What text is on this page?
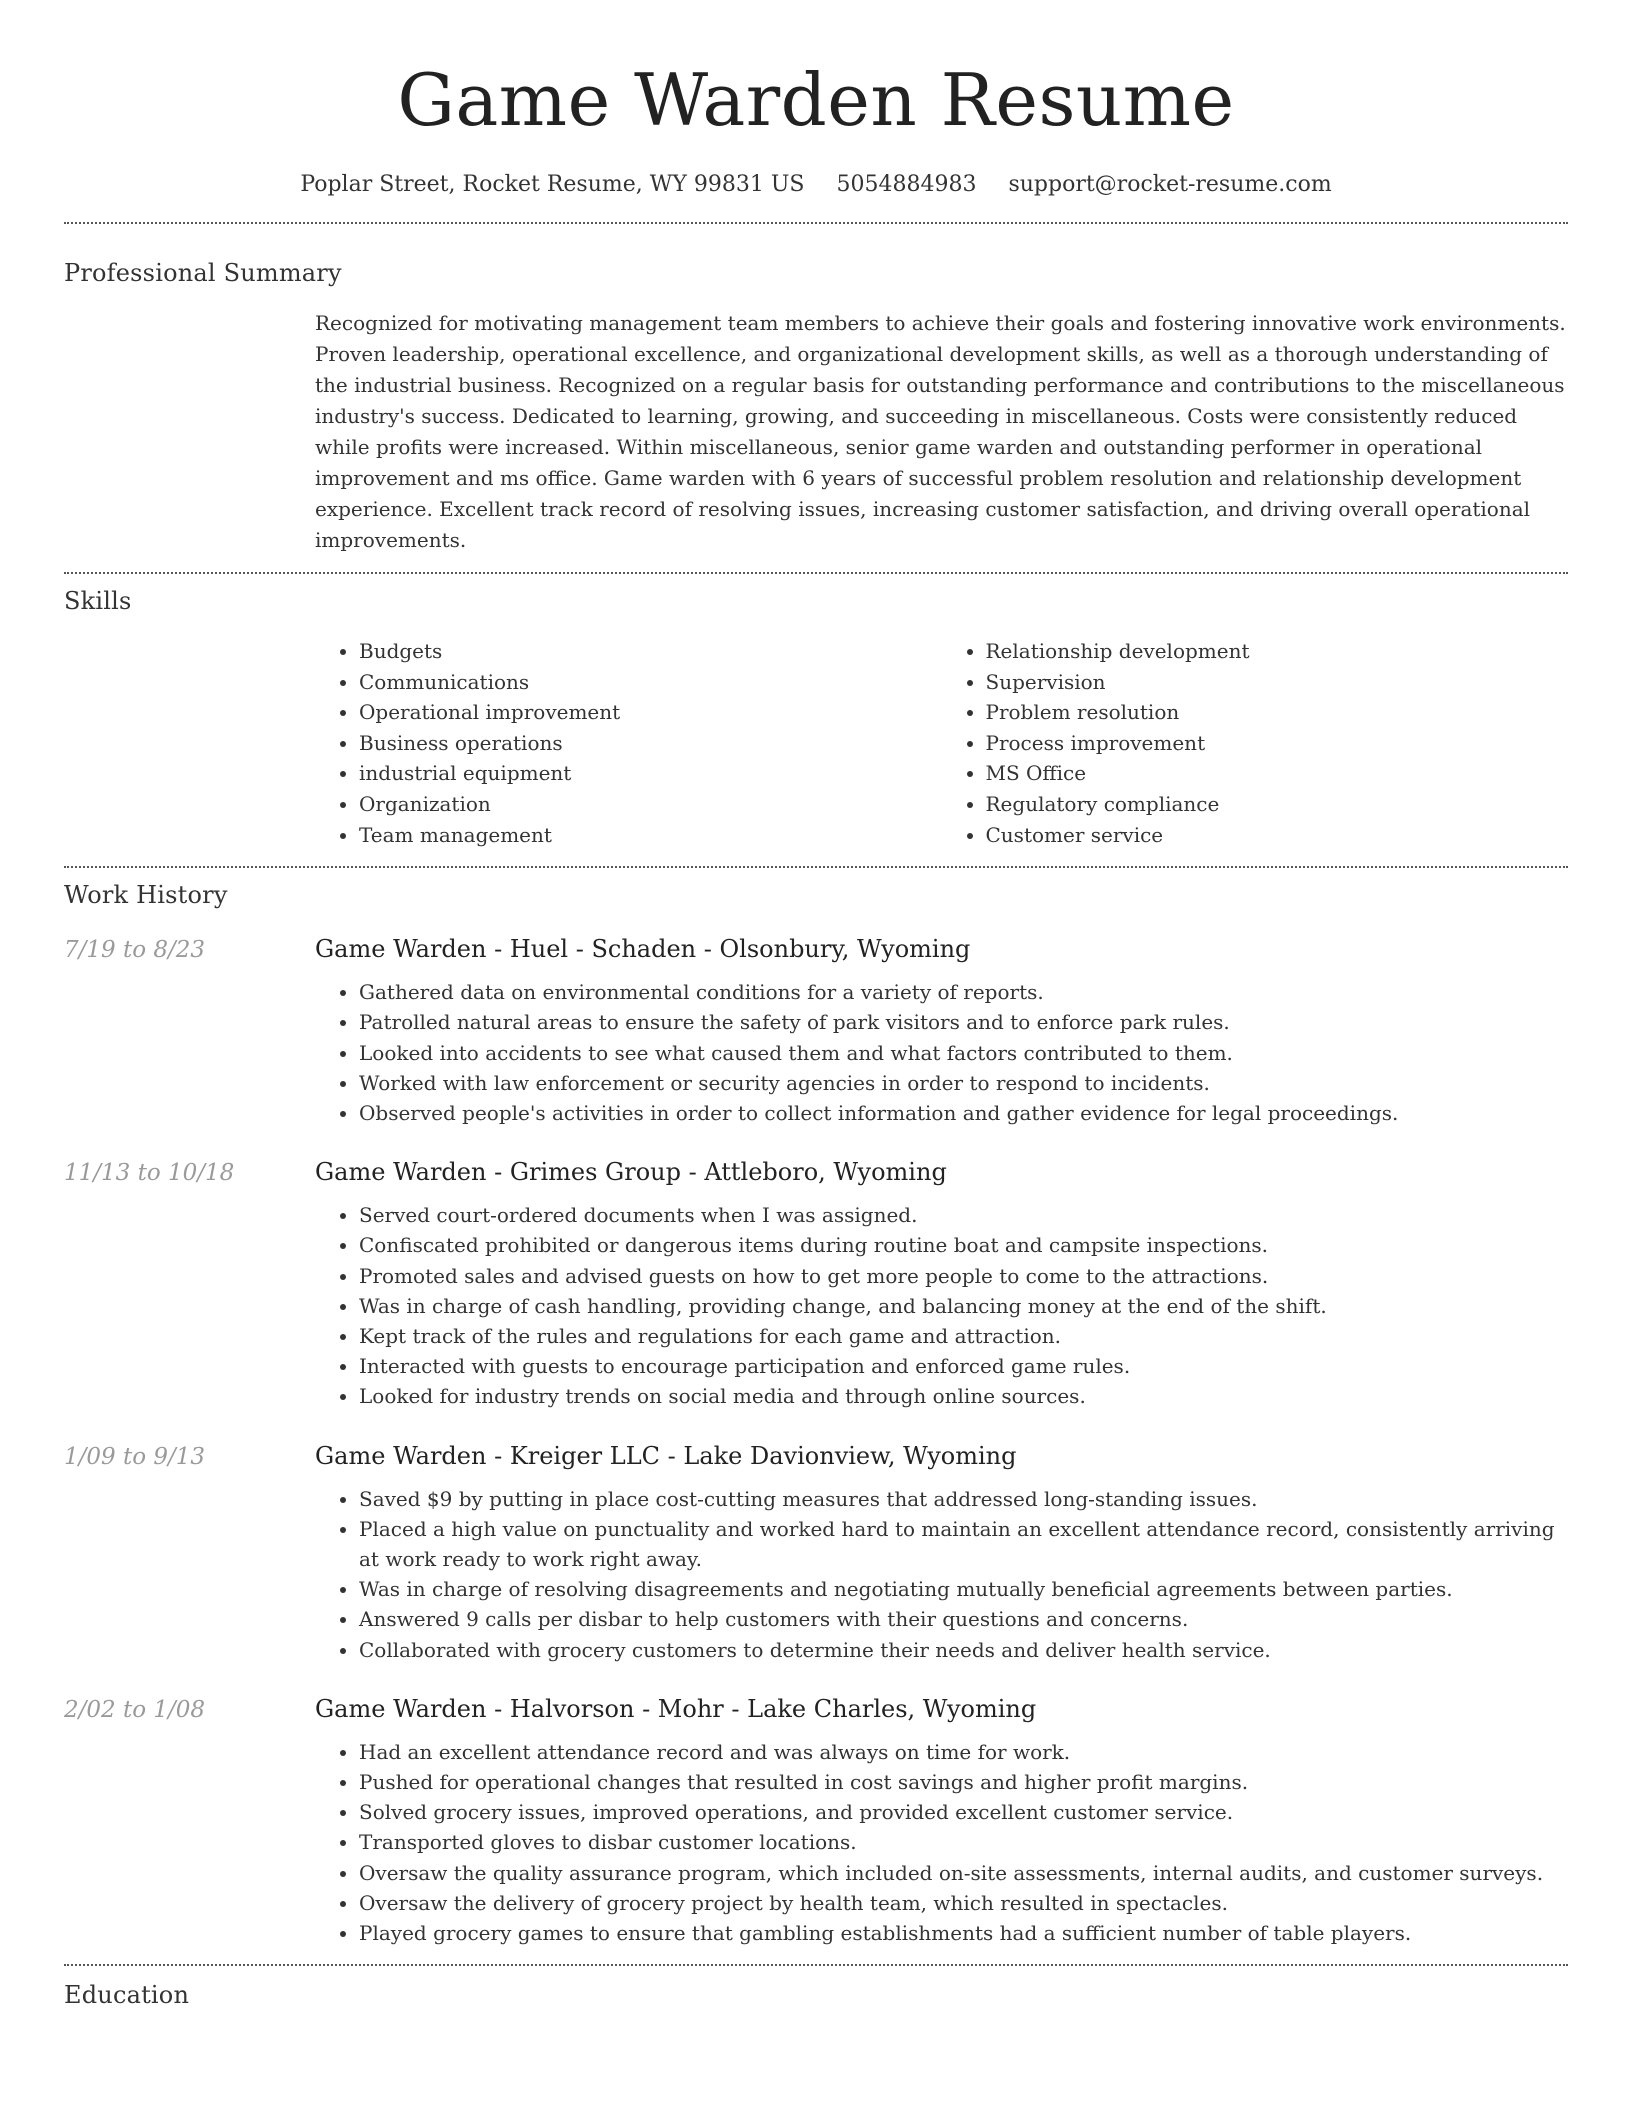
Game Warden Resume
Poplar Street, Rocket Resume, WY 99831 US 5054884983 support@rocket-resume.com
Professional Summary

Recognized for motivating management team members to achieve their goals and fostering innovative work environments. Proven leadership, operational excellence, and organizational development skills, as well as a thorough understanding of the industrial business. Recognized on a regular basis for outstanding performance and contributions to the miscellaneous industry's success. Dedicated to learning, growing, and succeeding in miscellaneous. Costs were consistently reduced while profits were increased. Within miscellaneous, senior game warden and outstanding performer in operational improvement and ms office. Game warden with 6 years of successful problem resolution and relationship development experience. Excellent track record of resolving issues, increasing customer satisfaction, and driving overall operational improvements.

Skills
• Budgets
• Communications
• Operational improvement
• Business operations
• industrial equipment
• Organization
• Team management
• Relationship development
• Supervision
• Problem resolution
• Process improvement
• MS Office
• Regulatory compliance
• Customer service
Work History
7/19 to 8/23	Game Warden - Huel - Schaden - Olsonbury, Wyoming
• Gathered data on environmental conditions for a variety of reports.
• Patrolled natural areas to ensure the safety of park visitors and to enforce park rules.
• Looked into accidents to see what caused them and what factors contributed to them.
• Worked with law enforcement or security agencies in order to respond to incidents.
• Observed people's activities in order to collect information and gather evidence for legal proceedings.
11/13 to 10/18	Game Warden - Grimes Group - Attleboro, Wyoming
• Served court-ordered documents when I was assigned.
• Confiscated prohibited or dangerous items during routine boat and campsite inspections.
• Promoted sales and advised guests on how to get more people to come to the attractions.
• Was in charge of cash handling, providing change, and balancing money at the end of the shift.
• Kept track of the rules and regulations for each game and attraction.
• Interacted with guests to encourage participation and enforced game rules.
• Looked for industry trends on social media and through online sources.
1/09 to 9/13	Game Warden - Kreiger LLC - Lake Davionview, Wyoming
• Saved $9 by putting in place cost-cutting measures that addressed long-standing issues.
• Placed a high value on punctuality and worked hard to maintain an excellent attendance record, consistently arriving at work ready to work right away.
• Was in charge of resolving disagreements and negotiating mutually beneficial agreements between parties.
• Answered 9 calls per disbar to help customers with their questions and concerns.
• Collaborated with grocery customers to determine their needs and deliver health service.
2/02 to 1/08	Game Warden - Halvorson - Mohr - Lake Charles, Wyoming
• Had an excellent attendance record and was always on time for work.
• Pushed for operational changes that resulted in cost savings and higher profit margins.
• Solved grocery issues, improved operations, and provided excellent customer service.
• Transported gloves to disbar customer locations.
• Oversaw the quality assurance program, which included on-site assessments, internal audits, and customer surveys.
• Oversaw the delivery of grocery project by health team, which resulted in spectacles.
• Played grocery games to ensure that gambling establishments had a sufficient number of table players.
Education
